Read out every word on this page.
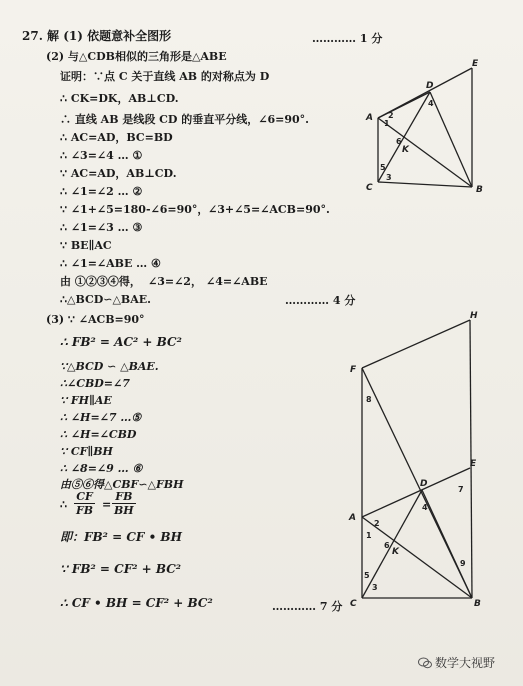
27. 解 (1) 依题意补全图形	………… 1 分
(2) 与△CDB相似的三角形是△ABE
证明：∵点 C 关于直线 AB 的对称点为 D
∴ CK=DK，AB⊥CD.
∴ 直线 AB 是线段 CD 的垂直平分线，∠6=90°.
∴ AC=AD，BC=BD
∴ ∠3=∠4 … ①
∵ AC=AD，AB⊥CD.
∴ ∠1=∠2 … ②
∵ ∠1+∠5=180-∠6=90°， ∠3+∠5=∠ACB=90°.
∴ ∠1=∠3 … ③
∵ BE∥AC
∴ ∠1=∠ABE … ④
由 ①②③④得， ∠3=∠2， ∠4=∠ABE
∴△BCD∽△BAE.	………… 4 分
A
B
C
D
E
K
1
2
3
4
5
6
(3) ∵ ∠ACB=90°
∴ FB² = AC² + BC²
∵△BCD ∽ △BAE.
∴∠CBD=∠7
∵ FH∥AE
∴ ∠H=∠7 …⑤
∴ ∠H=∠CBD
∵ CF∥BH
∴ ∠8=∠9 … ⑥
由⑤⑥得△CBF∽△FBH
∴ $\frac{CF}{FB} = \frac{FB}{BH}$
即：FB² = CF • BH
∵ FB² = CF² + BC²
∴ CF • BH = CF² + BC²	………… 7 分
F
H
A
D
E
C	B
K
1
2
3
4
5
6
7
8
9
数学大视野
